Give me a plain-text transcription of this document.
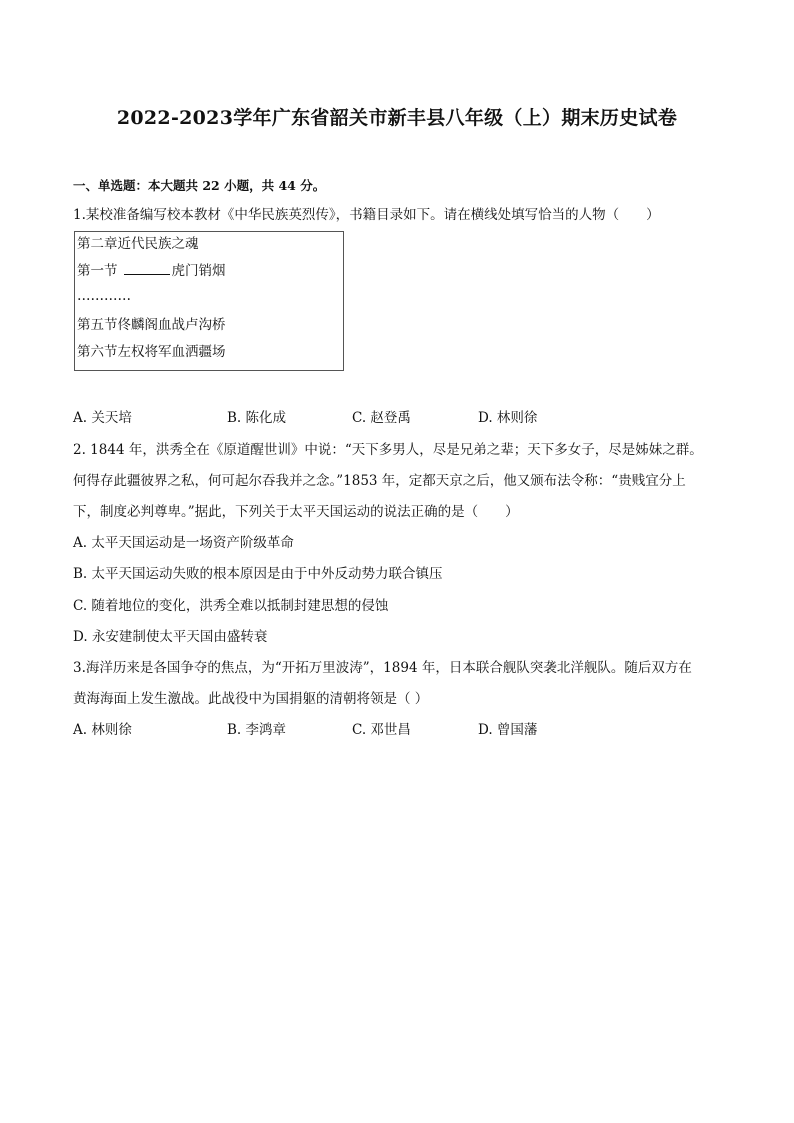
2022-2023学年广东省韶关市新丰县八年级（上）期末历史试卷
一、单选题：本大题共 22 小题，共 44 分。
1.某校准备编写校本教材《中华民族英烈传》，书籍目录如下。请在横线处填写恰当的人物（　　）
第二章近代民族之魂
第一节	虎门销烟
…………
第五节佟麟阁血战卢沟桥
第六节左权将军血洒疆场
A. 关天培	B. 陈化成	C. 赵登禹	D. 林则徐
2. 1844 年，洪秀全在《原道醒世训》中说：“天下多男人，尽是兄弟之辈；天下多女子，尽是姊妹之群。
何得存此疆彼界之私，何可起尔吞我并之念。”1853 年，定都天京之后，他又颁布法令称：“贵贱宜分上
下，制度必判尊卑。”据此，下列关于太平天国运动的说法正确的是（　　）
A. 太平天国运动是一场资产阶级革命
B. 太平天国运动失败的根本原因是由于中外反动势力联合镇压
C. 随着地位的变化，洪秀全难以抵制封建思想的侵蚀
D. 永安建制使太平天国由盛转衰
3.海洋历来是各国争夺的焦点，为“开拓万里波涛”，1894 年，日本联合舰队突袭北洋舰队。随后双方在
黄海海面上发生激战。此战役中为国捐躯的清朝将领是（ ）
A. 林则徐	B. 李鸿章	C. 邓世昌	D. 曾国藩
